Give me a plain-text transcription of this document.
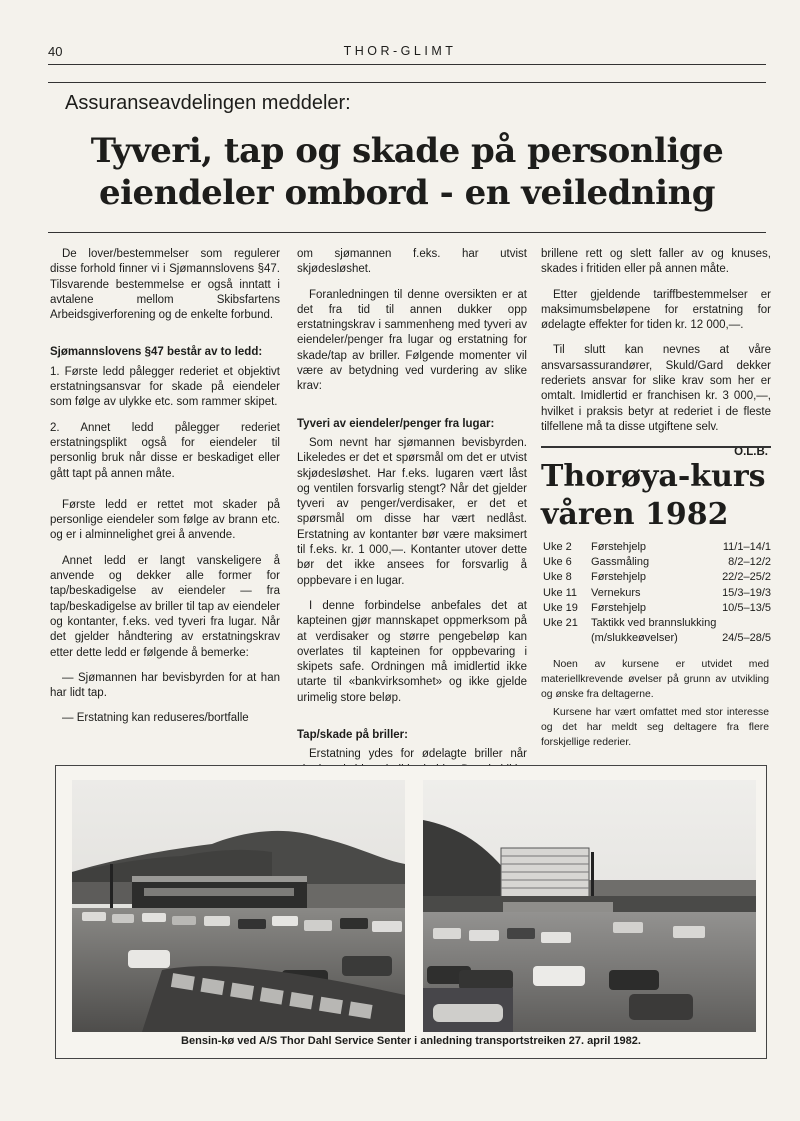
40	THOR-GLIMT
Assuranseavdelingen meddeler:
Tyveri, tap og skade på personlige
eiendeler ombord - en veiledning

De lover/bestemmelser som regulerer disse forhold finner vi i Sjømannslovens §47. Tilsvarende bestemmelse er også inntatt i avtalene mellom Skibsfartens Arbeidsgiverforening og de enkelte forbund.

Sjømannslovens §47 består av to ledd:

1. Første ledd pålegger rederiet et objektivt erstatningsansvar for skade på eiendeler som følge av ulykke etc. som rammer skipet.

2. Annet ledd pålegger rederiet erstatningsplikt også for eiendeler til personlig bruk når disse er beskadiget eller gått tapt på annen måte.

Første ledd er rettet mot skader på personlige eiendeler som følge av brann etc. og er i alminnelighet grei å anvende.

Annet ledd er langt vanskeligere å anvende og dekker alle former for tap/beskadigelse av eiendeler — fra tap/beskadigelse av briller til tap av eiendeler og kontanter, f.eks. ved tyveri fra lugar. Når det gjelder håndtering av erstatningskrav etter dette ledd er følgende å bemerke:

— Sjømannen har bevisbyrden for at han har lidt tap.

— Erstatning kan reduseres/bortfalle

om sjømannen f.eks. har utvist skjødesløshet.

Foranledningen til denne oversikten er at det fra tid til annen dukker opp erstatningskrav i sammenheng med tyveri av eiendeler/penger fra lugar og erstatning for skade/tap av briller. Følgende momenter vil være av betydning ved vurdering av slike krav:

Tyveri av eiendeler/penger fra lugar:

Som nevnt har sjømannen bevisbyrden. Likeledes er det et spørsmål om det er utvist skjødesløshet. Har f.eks. lugaren vært låst og ventilen forsvarlig stengt? Når det gjelder tyveri av penger/verdisaker, er det et spørsmål om disse har vært nedlåst. Erstatning av kontanter bør være maksimert til f.eks. kr. 1 000,—. Kontanter utover dette bør det ikke ansees for forsvarlig å oppbevare i en lugar.

I denne forbindelse anbefales det at kapteinen gjør mannskapet oppmerksom på at verdisaker og større pengebeløp kan overlates til kapteinen for oppbevaring i skipets safe. Ordningen må imidlertid ikke utarte til «bankvirksomhet» og ikke gjelde urimelig store beløp.

Tap/skade på briller:

Erstatning ydes for ødelagte briller når

brillene rett og slett faller av og knuses, skades i fritiden eller på annen måte.

Etter gjeldende tariffbestemmelser er maksimumsbeløpene for erstatning for ødelagte effekter for tiden kr. 12 000,—.

Til slutt kan nevnes at våre ansvarsassurandører, Skuld/Gard dekker rederiets ansvar for slike krav som her er omtalt. Imidlertid er franchisen kr. 3 000,—, hvilket i praksis betyr at rederiet i de fleste tilfellene må ta disse utgiftene selv.

O.L.B.
Thorøya-kurs
våren 1982
Uke 2	Førstehjelp	11/1–14/1
Uke 6	Gassmåling	8/2–12/2
Uke 8	Førstehjelp	22/2–25/2
Uke 11	Vernekurs	15/3–19/3
Uke 19	Førstehjelp	10/5–13/5
Uke 21	Taktikk ved brannslukking	
	(m/slukkeøvelser)	24/5–28/5

Noen av kursene er utvidet med materiellkrevende øvelser på grunn av utvikling og ønske fra deltagerne.

Kursene har vært omfattet med stor interesse og det har meldt seg deltagere fra flere forskjellige rederier.

Bensin-kø ved A/S Thor Dahl Service Senter i anledning transportstreiken 27. april 1982.
